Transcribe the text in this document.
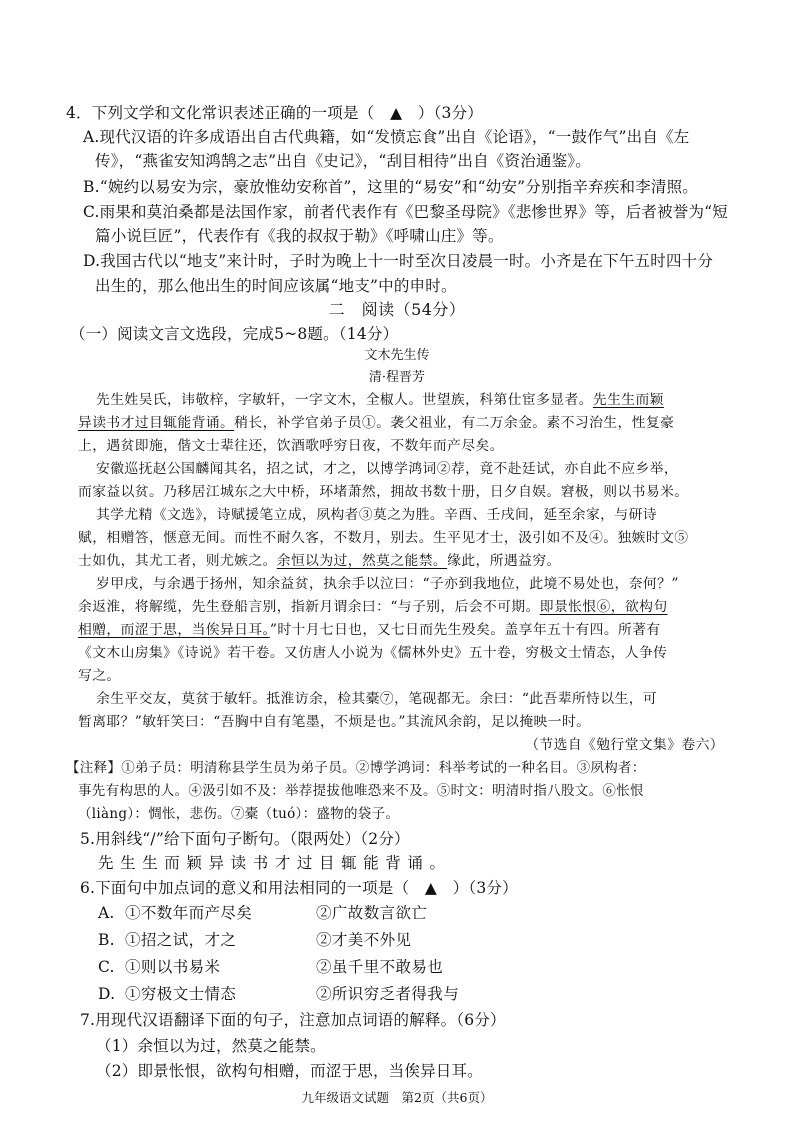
4．下列文学和文化常识表述正确的一项是（　▲　）（3分）
A.现代汉语的许多成语出自古代典籍，如“发愤忘食”出自《论语》，“一鼓作气”出自《左
传》，“燕雀安知鸿鹄之志”出自《史记》，“刮目相待”出自《资治通鉴》。
B.“婉约以易安为宗，豪放惟幼安称首”，这里的“易安”和“幼安”分别指辛弃疾和李清照。
C.雨果和莫泊桑都是法国作家，前者代表作有《巴黎圣母院》《悲惨世界》等，后者被誉为“短
篇小说巨匠”，代表作有《我的叔叔于勒》《呼啸山庄》等。
D.我国古代以“地支”来计时，子时为晚上十一时至次日凌晨一时。小齐是在下午五时四十分
出生的，那么他出生的时间应该属“地支”中的申时。
二　阅读（54分）
（一）阅读文言文选段，完成5~8题。（14分）
文木先生传
清·程晋芳
先生姓吴氏，讳敬梓，字敏轩，一字文木，全椒人。世望族，科第仕宦多显者。先生生而颖
异读书才过目辄能背诵。稍长，补学官弟子员①。袭父祖业，有二万余金。素不习治生，性复豪
上，遇贫即施，偕文士辈往还，饮酒歌呼穷日夜，不数年而产尽矣。
安徽巡抚赵公国麟闻其名，招之试，才之，以博学鸿词②荐，竟不赴廷试，亦自此不应乡举，
而家益以贫。乃移居江城东之大中桥，环堵萧然，拥故书数十册，日夕自娱。窘极，则以书易米。
其学尤精《文选》，诗赋援笔立成，夙构者③莫之为胜。辛酉、壬戌间，延至余家，与研诗
赋，相赠答，惬意无间。而性不耐久客，不数月，别去。生平见才士，汲引如不及④。独嫉时文⑤
士如仇，其尤工者，则尤嫉之。余恒以为过，然莫之能禁。缘此，所遇益穷。
岁甲戌，与余遇于扬州，知余益贫，执余手以泣曰：“子亦到我地位，此境不易处也，奈何？”
余返淮，将解缆，先生登船言别，指新月谓余曰：“与子别，后会不可期。即景怅恨⑥，欲构句
相赠，而涩于思，当俟异日耳。”时十月七日也，又七日而先生殁矣。盖享年五十有四。所著有
《文木山房集》《诗说》若干卷。又仿唐人小说为《儒林外史》五十卷，穷极文士情态，人争传
写之。
余生平交友，莫贫于敏轩。抵淮访余，检其橐⑦，笔砚都无。余曰：“此吾辈所恃以生，可
暂离耶？”敏轩笑曰：“吾胸中自有笔墨，不烦是也。”其流风余韵，足以掩映一时。
（节选自《勉行堂文集》卷六）
【注释】①弟子员：明清称县学生员为弟子员。②博学鸿词：科举考试的一种名目。③夙构者：
事先有构思的人。④汲引如不及：举荐提拔他唯恐来不及。⑤时文：明清时指八股文。⑥怅恨
（liàng）：惆怅，悲伤。⑦橐（tuó）：盛物的袋子。
5.用斜线“/”给下面句子断句。（限两处）（2分）
先生生而颖异读书才过目辄能背诵。
6.下面句中加点词的意义和用法相同的一项是（　▲　）（3分）
A. ①不数年而产尽矣	②广故数言欲亡
B. ①招之试，才之	②才美不外见
C. ①则以书易米	②虽千里不敢易也
D. ①穷极文士情态	②所识穷乏者得我与
7.用现代汉语翻译下面的句子，注意加点词语的解释。（6分）
（1）余恒以为过，然莫之能禁。
（2）即景怅恨，欲构句相赠，而涩于思，当俟异日耳。
九年级语文试题　第2页（共6页）
